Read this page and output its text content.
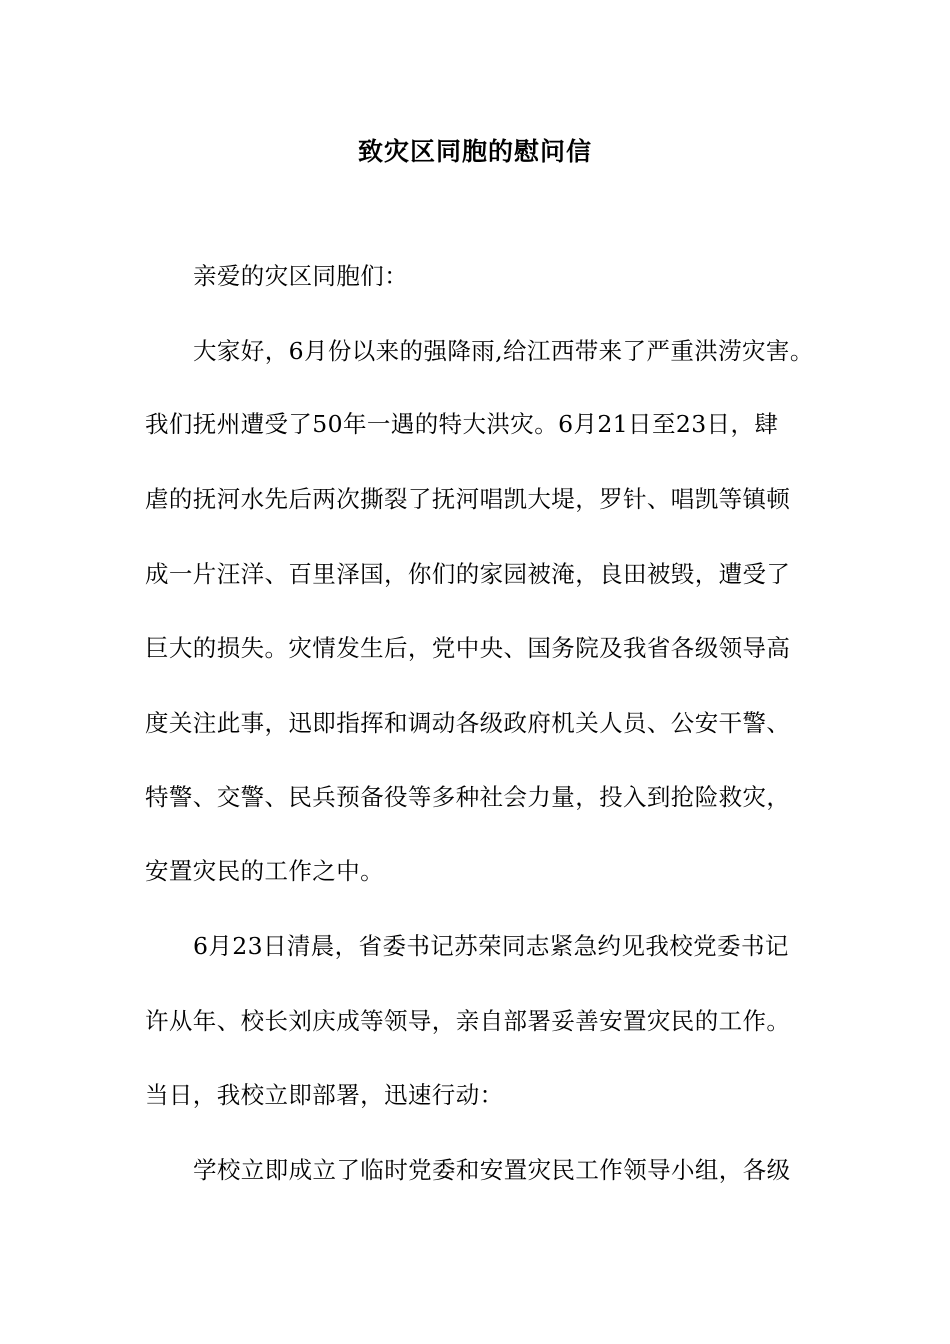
致灾区同胞的慰问信
亲爱的灾区同胞们：
大家好，6月份以来的强降雨,给江西带来了严重洪涝灾害。
我们抚州遭受了50年一遇的特大洪灾。6月21日至23日，肆
虐的抚河水先后两次撕裂了抚河唱凯大堤，罗针、唱凯等镇顿
成一片汪洋、百里泽国，你们的家园被淹，良田被毁，遭受了
巨大的损失。灾情发生后，党中央、国务院及我省各级领导高
度关注此事，迅即指挥和调动各级政府机关人员、公安干警、
特警、交警、民兵预备役等多种社会力量，投入到抢险救灾，
安置灾民的工作之中。
6月23日清晨，省委书记苏荣同志紧急约见我校党委书记
许从年、校长刘庆成等领导，亲自部署妥善安置灾民的工作。
当日，我校立即部署，迅速行动：
学校立即成立了临时党委和安置灾民工作领导小组，各级
